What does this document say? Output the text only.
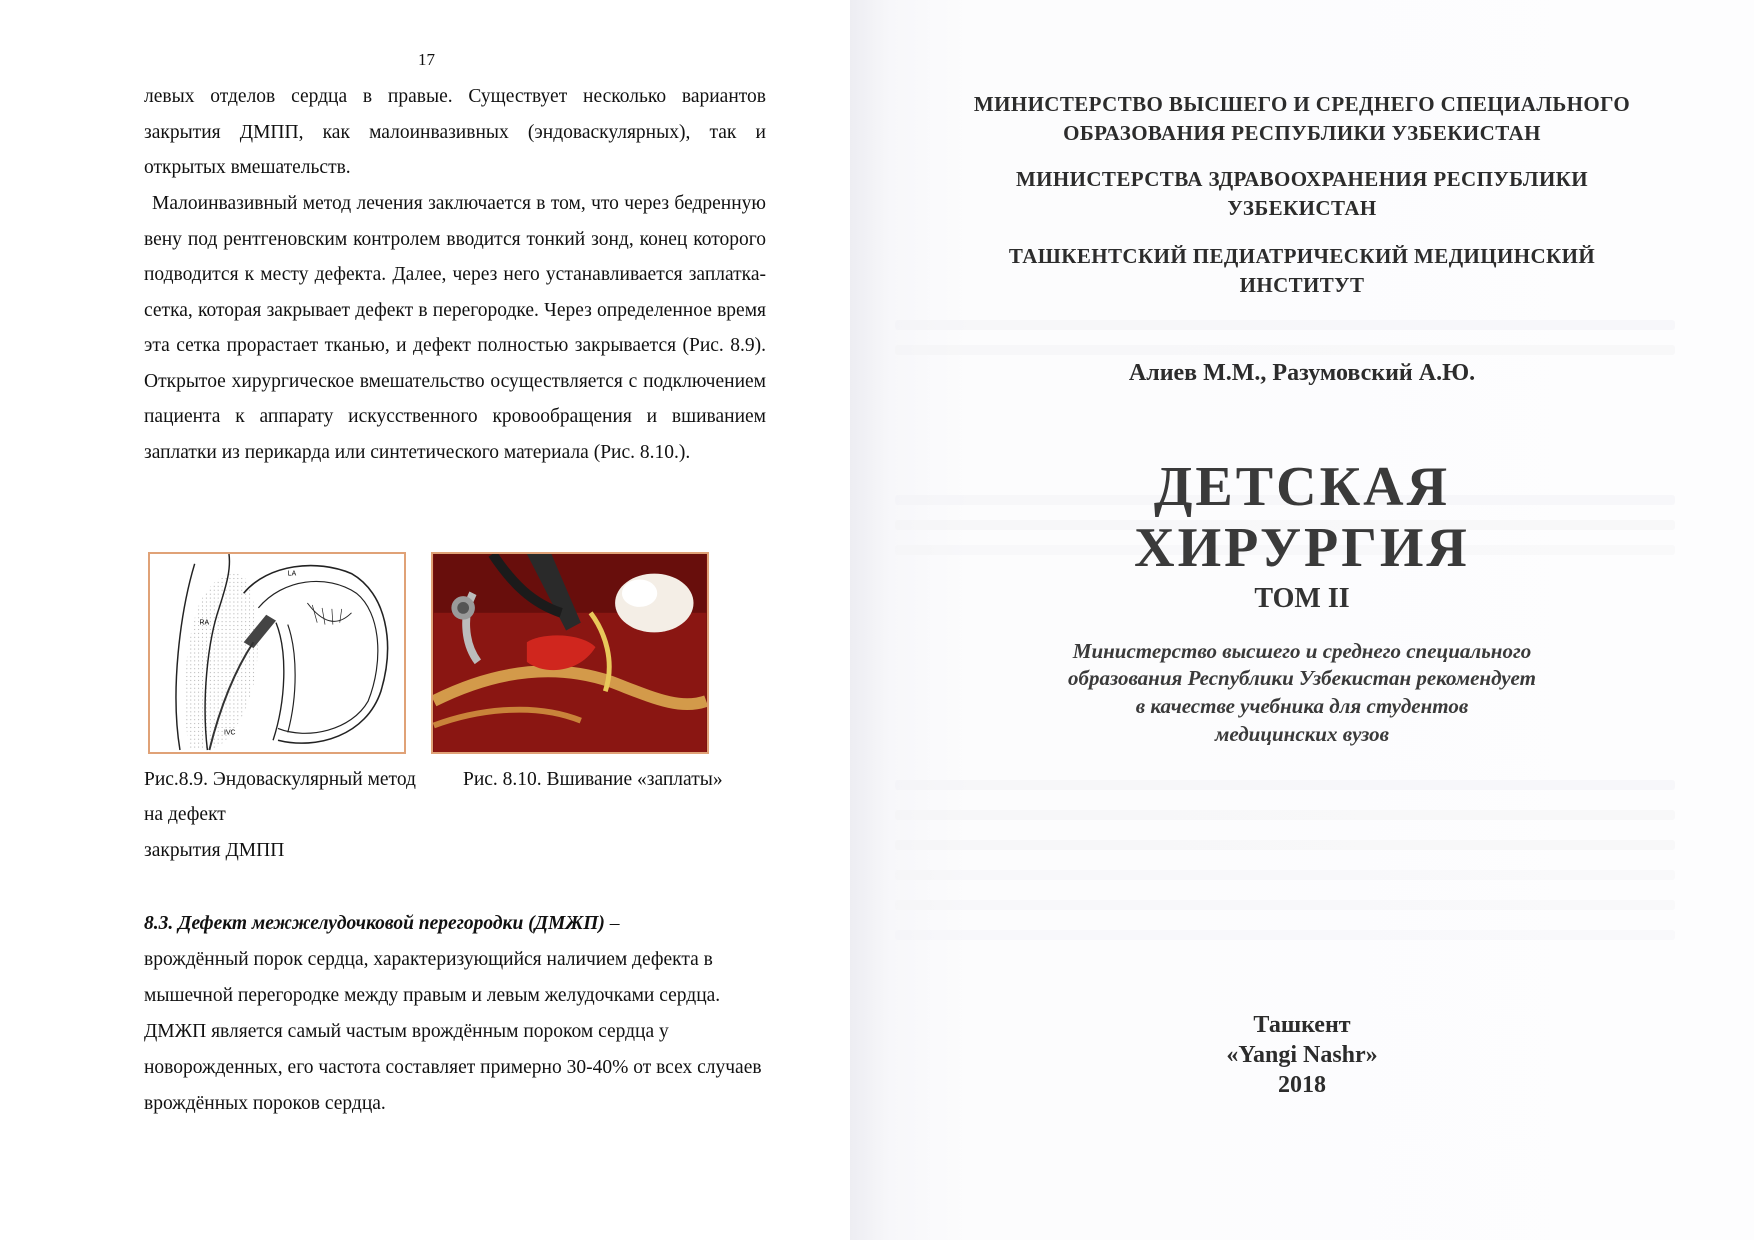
17

левых отделов сердца в правые. Существует несколько вариантов закрытия ДМПП, как малоинвазивных (эндоваскулярных), так и открытых вмешательств.

Малоинвазивный метод лечения заключается в том, что через бедренную вену под рентгеновским контролем вводится тонкий зонд, конец которого подводится к месту дефекта. Далее, через него устанавливается заплатка-сетка, которая закрывает дефект в перегородке. Через определенное время эта сетка прорастает тканью, и дефект полностью закрывается (Рис. 8.9). Открытое хирургическое вмешательство осуществляется с подключением пациента к аппарату искусственного кровообращения и вшиванием заплатки из перикарда или синтетического материала (Рис. 8.10.).

LA
RA
IVC
Рис.8.9. Эндоваскулярный метод
на дефект
закрытия ДМПП
Рис. 8.10. Вшивание «заплаты»

8.3. Дефект межжелудочковой перегородки (ДМЖП) –
врождённый порок сердца, характеризующийся наличием дефекта в мышечной перегородке между правым и левым желудочками сердца. ДМЖП является самый частым врождённым пороком сердца у новорожденных, его частота составляет примерно 30-40% от всех случаев врождённых пороков сердца.

МИНИСТЕРСТВО ВЫСШЕГО И СРЕДНЕГО СПЕЦИАЛЬНОГО
ОБРАЗОВАНИЯ РЕСПУБЛИКИ УЗБЕКИСТАН
МИНИСТЕРСТВА ЗДРАВООХРАНЕНИЯ РЕСПУБЛИКИ
УЗБЕКИСТАН
ТАШКЕНТСКИЙ ПЕДИАТРИЧЕСКИЙ МЕДИЦИНСКИЙ
ИНСТИТУТ
Алиев М.М., Разумовский А.Ю.
ДЕТСКАЯ
ХИРУРГИЯ
ТОМ II
Министерство высшего и среднего специального
образования Республики Узбекистан рекомендует
в качестве учебника для студентов
медицинских вузов
Ташкент
«Yangi Nashr»
2018
